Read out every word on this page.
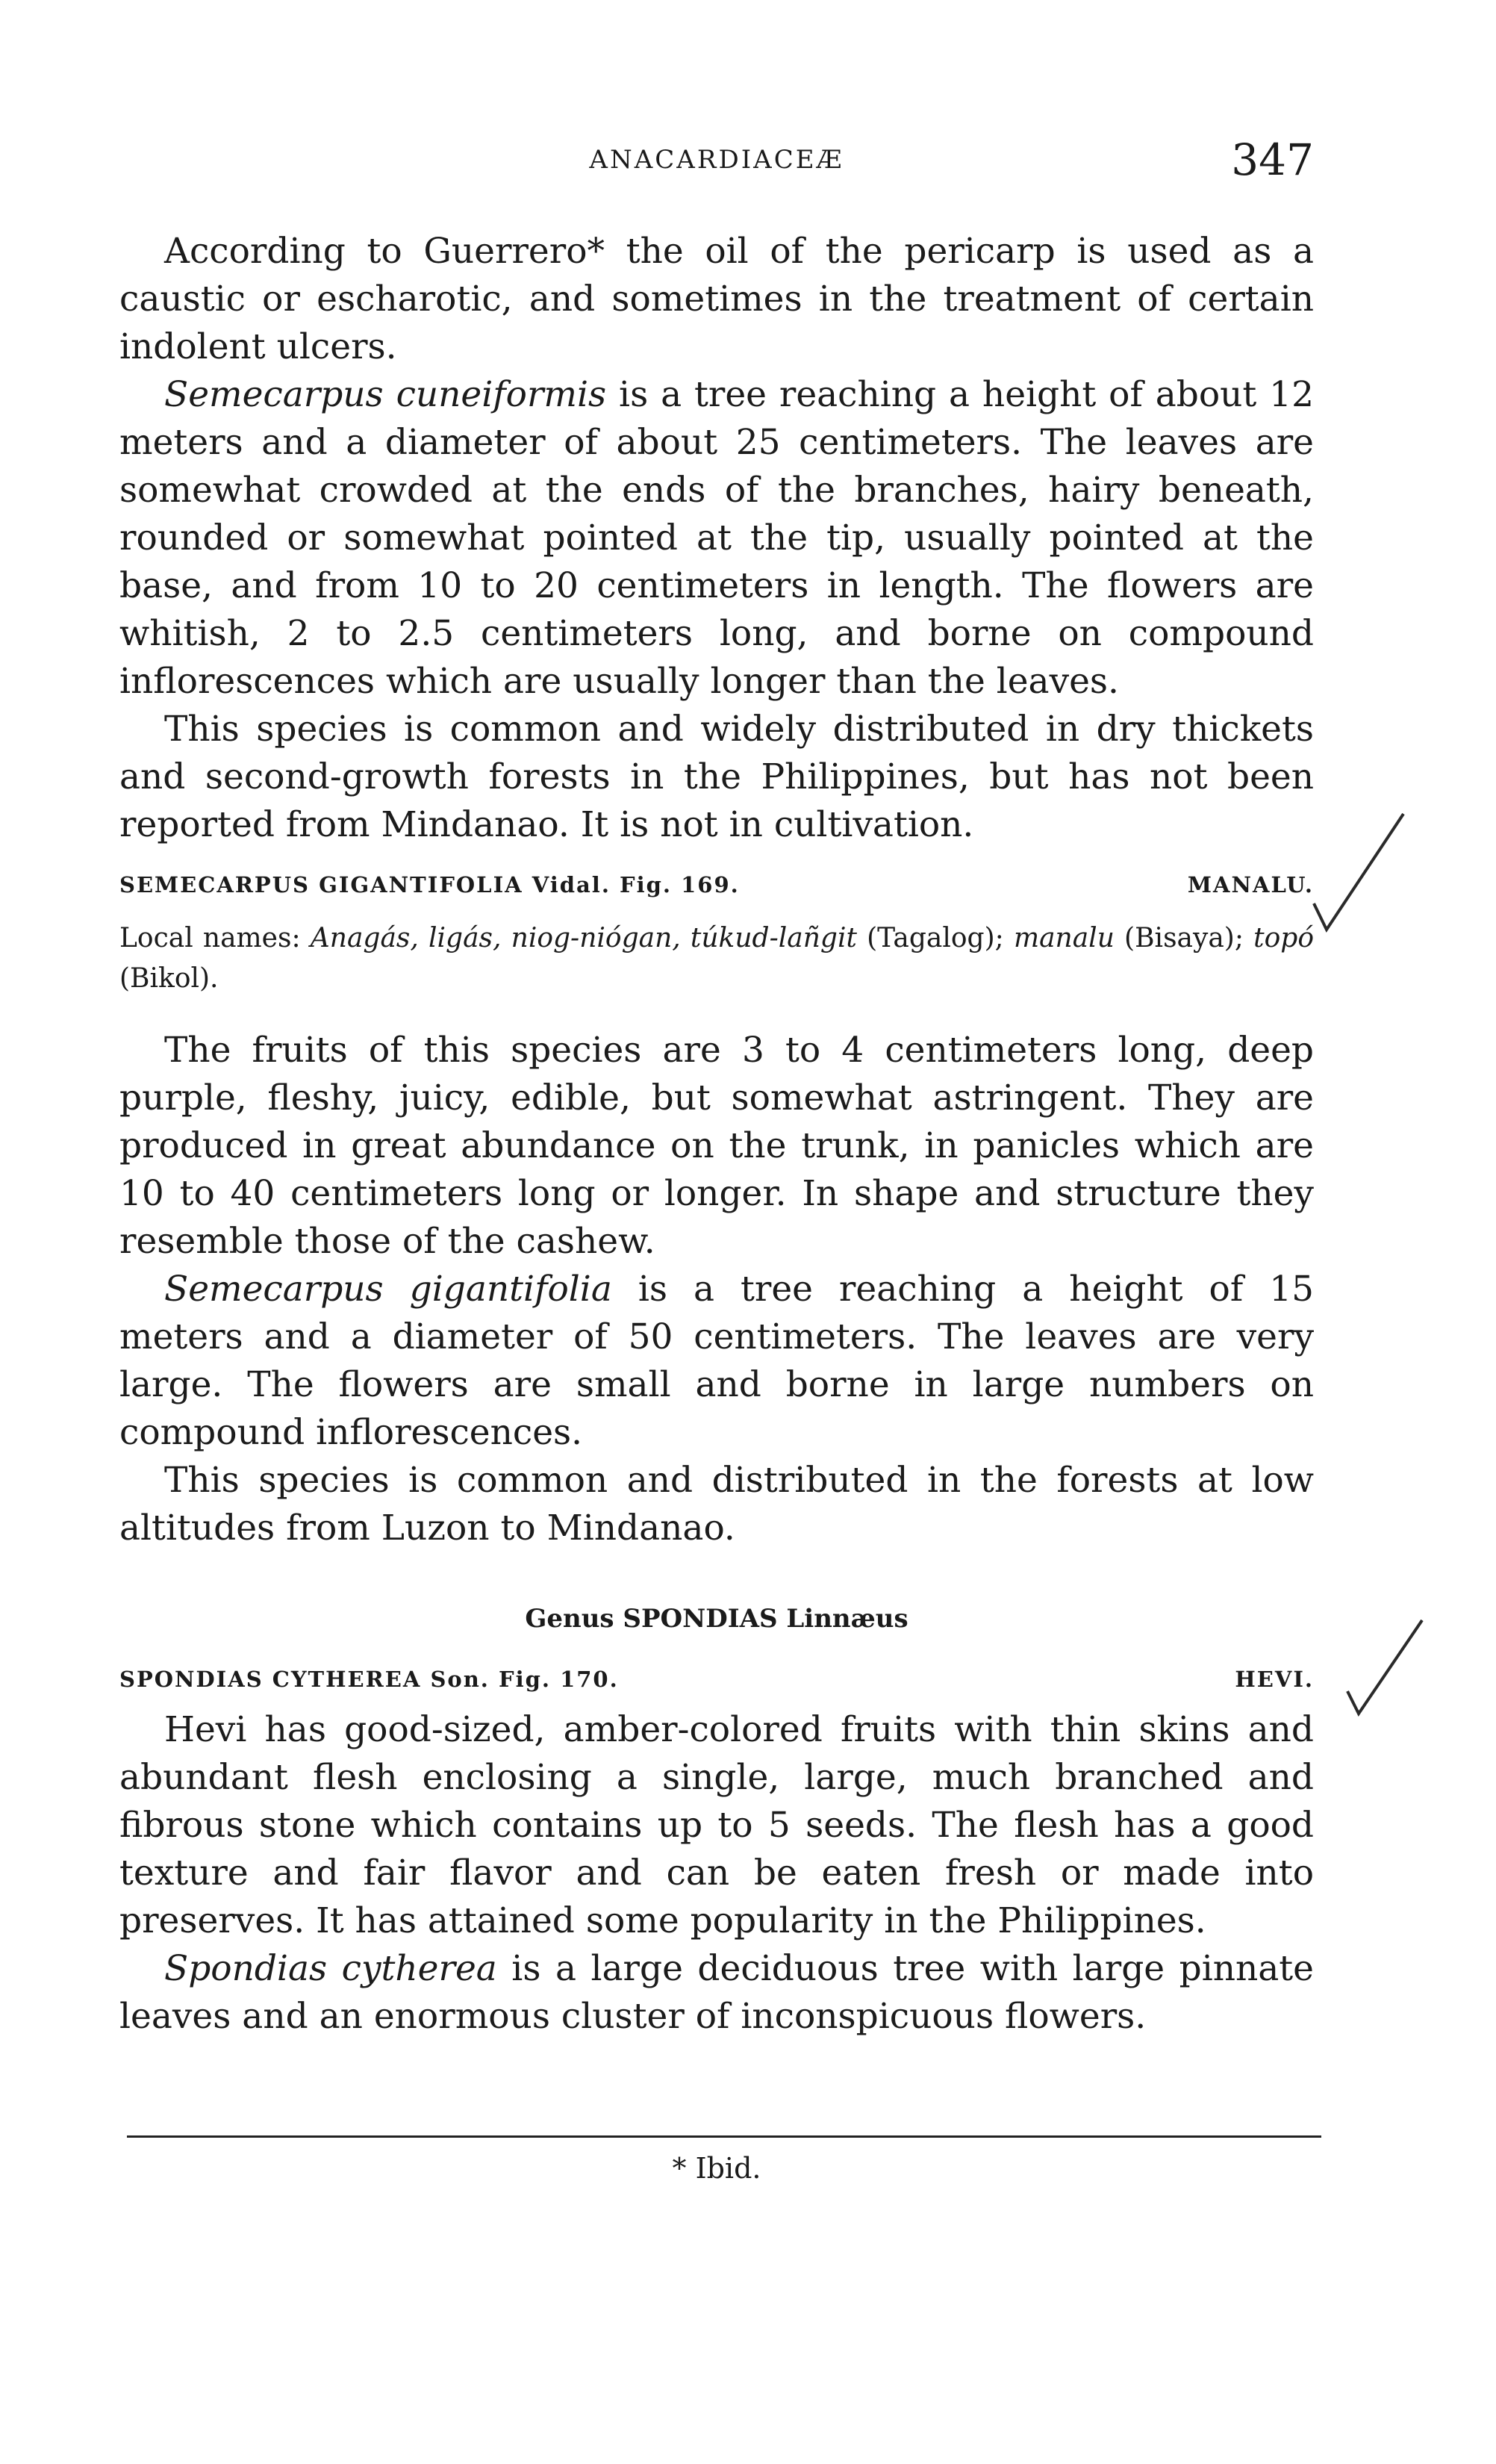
ANACARDIACEÆ	347

According to Guerrero* the oil of the pericarp is used as a caustic or escharotic, and sometimes in the treatment of certain indolent ulcers.

Semecarpus cuneiformis is a tree reaching a height of about 12 meters and a diameter of about 25 centimeters. The leaves are somewhat crowded at the ends of the branches, hairy beneath, rounded or somewhat pointed at the tip, usually pointed at the base, and from 10 to 20 centimeters in length. The flowers are whitish, 2 to 2.5 centimeters long, and borne on compound inflorescences which are usually longer than the leaves.

This species is common and widely distributed in dry thickets and second-growth forests in the Philippines, but has not been reported from Mindanao. It is not in cultivation.

SEMECARPUS GIGANTIFOLIA Vidal. Fig. 169.	MANALU.

Local names: Anagás, ligás, niog-niógan, túkud-lañgit (Tagalog); manalu (Bisaya); topó (Bikol).

The fruits of this species are 3 to 4 centimeters long, deep purple, fleshy, juicy, edible, but somewhat astringent. They are produced in great abundance on the trunk, in panicles which are 10 to 40 centimeters long or longer. In shape and structure they resemble those of the cashew.

Semecarpus gigantifolia is a tree reaching a height of 15 meters and a diameter of 50 centimeters. The leaves are very large. The flowers are small and borne in large numbers on compound inflorescences.

This species is common and distributed in the forests at low altitudes from Luzon to Mindanao.

Genus SPONDIAS Linnæus

SPONDIAS CYTHEREA Son. Fig. 170.	HEVI.

Hevi has good-sized, amber-colored fruits with thin skins and abundant flesh enclosing a single, large, much branched and fibrous stone which contains up to 5 seeds. The flesh has a good texture and fair flavor and can be eaten fresh or made into preserves. It has attained some popularity in the Philippines.

Spondias cytherea is a large deciduous tree with large pinnate leaves and an enormous cluster of inconspicuous flowers.

* Ibid.
